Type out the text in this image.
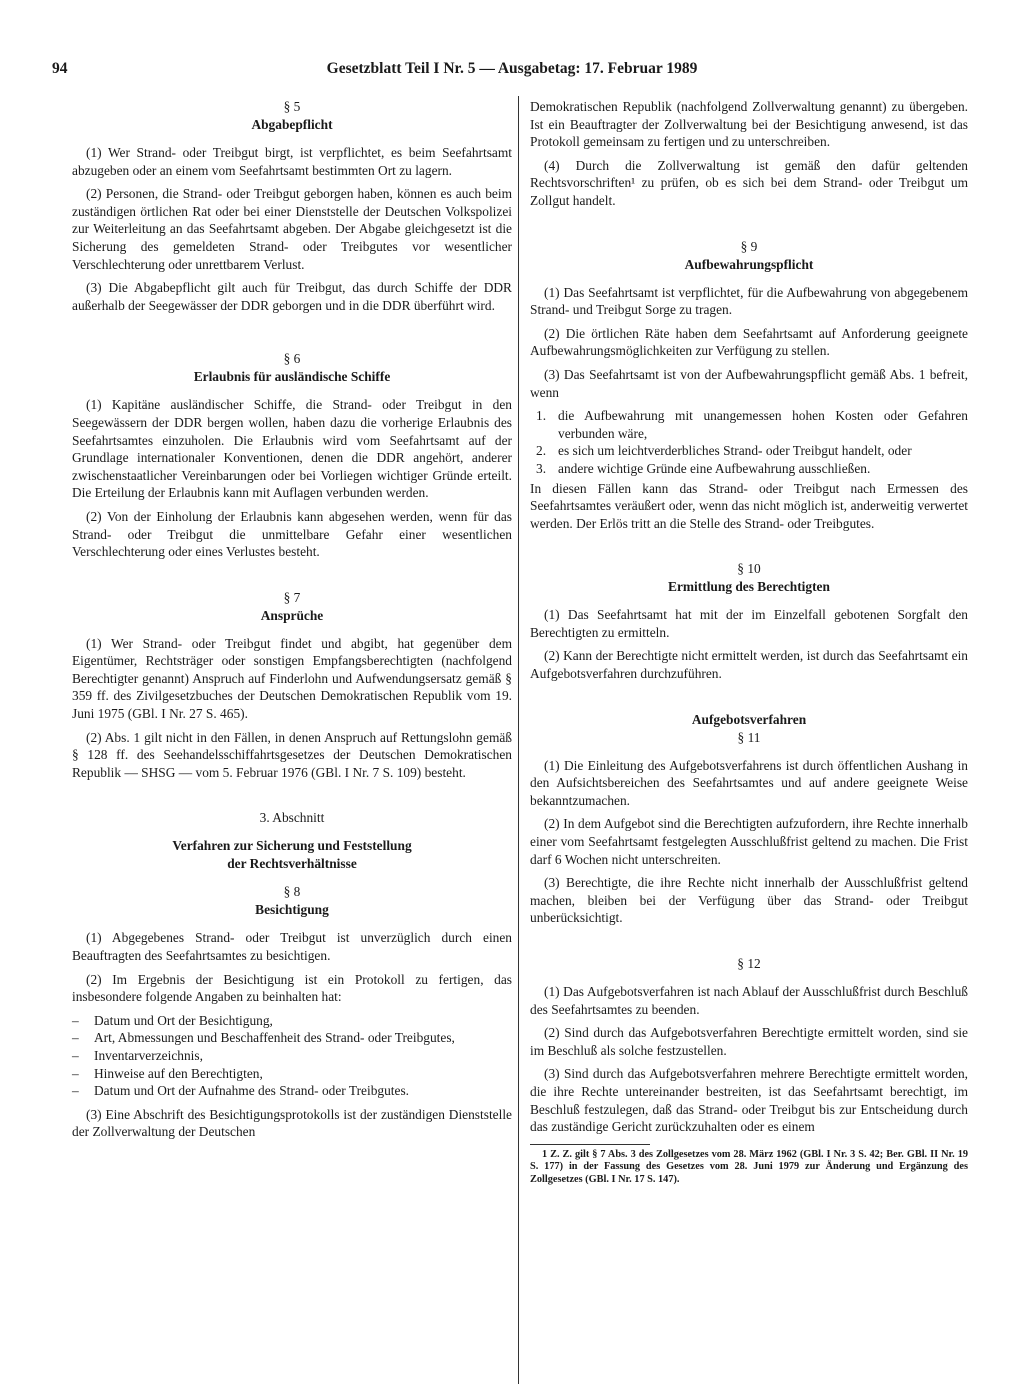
94	Gesetzblatt Teil I Nr. 5 — Ausgabetag: 17. Februar 1989
§ 5
Abgabepflicht

(1) Wer Strand- oder Treibgut birgt, ist verpflichtet, es beim Seefahrtsamt abzugeben oder an einem vom Seefahrtsamt bestimmten Ort zu lagern.

(2) Personen, die Strand- oder Treibgut geborgen haben, können es auch beim zuständigen örtlichen Rat oder bei einer Dienststelle der Deutschen Volkspolizei zur Weiterleitung an das Seefahrtsamt abgeben. Der Abgabe gleichgesetzt ist die Sicherung des gemeldeten Strand- oder Treibgutes vor wesentlicher Verschlechterung oder unrettbarem Verlust.

(3) Die Abgabepflicht gilt auch für Treibgut, das durch Schiffe der DDR außerhalb der Seegewässer der DDR geborgen und in die DDR überführt wird.

§ 6
Erlaubnis für ausländische Schiffe

(1) Kapitäne ausländischer Schiffe, die Strand- oder Treibgut in den Seegewässern der DDR bergen wollen, haben dazu die vorherige Erlaubnis des Seefahrtsamtes einzuholen. Die Erlaubnis wird vom Seefahrtsamt auf der Grundlage internationaler Konventionen, denen die DDR angehört, anderer zwischenstaatlicher Vereinbarungen oder bei Vorliegen wichtiger Gründe erteilt. Die Erteilung der Erlaubnis kann mit Auflagen verbunden werden.

(2) Von der Einholung der Erlaubnis kann abgesehen werden, wenn für das Strand- oder Treibgut die unmittelbare Gefahr einer wesentlichen Verschlechterung oder eines Verlustes besteht.

§ 7
Ansprüche

(1) Wer Strand- oder Treibgut findet und abgibt, hat gegenüber dem Eigentümer, Rechtsträger oder sonstigen Empfangsberechtigten (nachfolgend Berechtigter genannt) Anspruch auf Finderlohn und Aufwendungsersatz gemäß § 359 ff. des Zivilgesetzbuches der Deutschen Demokratischen Republik vom 19. Juni 1975 (GBl. I Nr. 27 S. 465).

(2) Abs. 1 gilt nicht in den Fällen, in denen Anspruch auf Rettungslohn gemäß § 128 ff. des Seehandelsschiffahrtsgesetzes der Deutschen Demokratischen Republik — SHSG — vom 5. Februar 1976 (GBl. I Nr. 7 S. 109) besteht.

3. Abschnitt
Verfahren zur Sicherung und Feststellung
der Rechtsverhältnisse
§ 8
Besichtigung

(1) Abgegebenes Strand- oder Treibgut ist unverzüglich durch einen Beauftragten des Seefahrtsamtes zu besichtigen.

(2) Im Ergebnis der Besichtigung ist ein Protokoll zu fertigen, das insbesondere folgende Angaben zu beinhalten hat:

– Datum und Ort der Besichtigung,
– Art, Abmessungen und Beschaffenheit des Strand- oder Treibgutes,
– Inventarverzeichnis,
– Hinweise auf den Berechtigten,
– Datum und Ort der Aufnahme des Strand- oder Treibgutes.

(3) Eine Abschrift des Besichtigungsprotokolls ist der zuständigen Dienststelle der Zollverwaltung der Deutschen

Demokratischen Republik (nachfolgend Zollverwaltung genannt) zu übergeben. Ist ein Beauftragter der Zollverwaltung bei der Besichtigung anwesend, ist das Protokoll gemeinsam zu fertigen und zu unterschreiben.

(4) Durch die Zollverwaltung ist gemäß den dafür geltenden Rechtsvorschriften¹ zu prüfen, ob es sich bei dem Strand- oder Treibgut um Zollgut handelt.

§ 9
Aufbewahrungspflicht

(1) Das Seefahrtsamt ist verpflichtet, für die Aufbewahrung von abgegebenem Strand- und Treibgut Sorge zu tragen.

(2) Die örtlichen Räte haben dem Seefahrtsamt auf Anforderung geeignete Aufbewahrungsmöglichkeiten zur Verfügung zu stellen.

(3) Das Seefahrtsamt ist von der Aufbewahrungspflicht gemäß Abs. 1 befreit, wenn

1. die Aufbewahrung mit unangemessen hohen Kosten oder Gefahren verbunden wäre,
2. es sich um leichtverderbliches Strand- oder Treibgut handelt, oder
3. andere wichtige Gründe eine Aufbewahrung ausschließen.

In diesen Fällen kann das Strand- oder Treibgut nach Ermessen des Seefahrtsamtes veräußert oder, wenn das nicht möglich ist, anderweitig verwertet werden. Der Erlös tritt an die Stelle des Strand- oder Treibgutes.

§ 10
Ermittlung des Berechtigten

(1) Das Seefahrtsamt hat mit der im Einzelfall gebotenen Sorgfalt den Berechtigten zu ermitteln.

(2) Kann der Berechtigte nicht ermittelt werden, ist durch das Seefahrtsamt ein Aufgebotsverfahren durchzuführen.

Aufgebotsverfahren
§ 11

(1) Die Einleitung des Aufgebotsverfahrens ist durch öffentlichen Aushang in den Aufsichtsbereichen des Seefahrtsamtes und auf andere geeignete Weise bekanntzumachen.

(2) In dem Aufgebot sind die Berechtigten aufzufordern, ihre Rechte innerhalb einer vom Seefahrtsamt festgelegten Ausschlußfrist geltend zu machen. Die Frist darf 6 Wochen nicht unterschreiten.

(3) Berechtigte, die ihre Rechte nicht innerhalb der Ausschlußfrist geltend machen, bleiben bei der Verfügung über das Strand- oder Treibgut unberücksichtigt.

§ 12

(1) Das Aufgebotsverfahren ist nach Ablauf der Ausschlußfrist durch Beschluß des Seefahrtsamtes zu beenden.

(2) Sind durch das Aufgebotsverfahren Berechtigte ermittelt worden, sind sie im Beschluß als solche festzustellen.

(3) Sind durch das Aufgebotsverfahren mehrere Berechtigte ermittelt worden, die ihre Rechte untereinander bestreiten, ist das Seefahrtsamt berechtigt, im Beschluß festzulegen, daß das Strand- oder Treibgut bis zur Entscheidung durch das zuständige Gericht zurückzuhalten oder es einem

1 Z. Z. gilt § 7 Abs. 3 des Zollgesetzes vom 28. März 1962 (GBl. I Nr. 3 S. 42; Ber. GBl. II Nr. 19 S. 177) in der Fassung des Gesetzes vom 28. Juni 1979 zur Änderung und Ergänzung des Zollgesetzes (GBl. I Nr. 17 S. 147).
